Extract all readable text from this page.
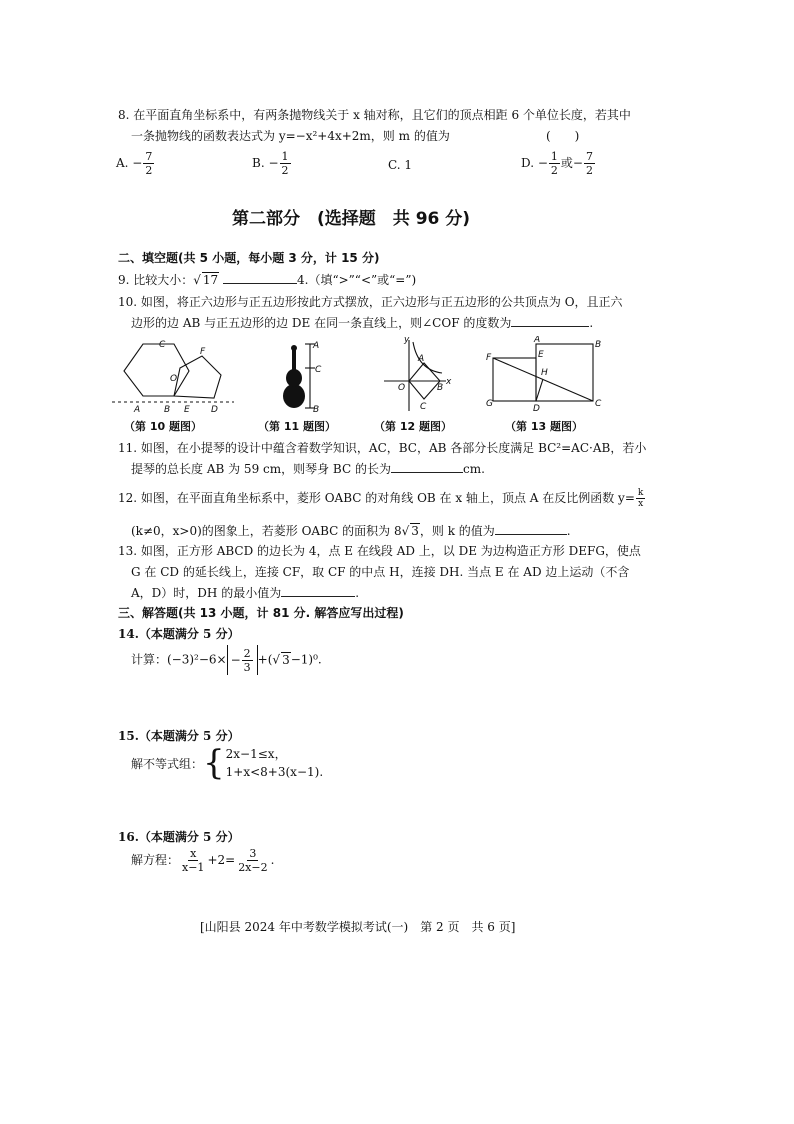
8. 在平面直角坐标系中，有两条抛物线关于 x 轴对称，且它们的顶点相距 6 个单位长度，若其中
一条抛物线的函数表达式为 y=−x²+4x+2m，则 m 的值为	(　　)
A. − $\frac{7}{2}$	B. − $\frac{1}{2}$	C. 1	D. − $\frac{1}{2}$ 或− $\frac{7}{2}$
第二部分　(选择题　共 96 分)
二、填空题(共 5 小题，每小题 3 分，计 15 分)
9. 比较大小：√ 17	4.（填“>”“<”或“=”)
10. 如图，将正六边形与正五边形按此方式摆放，正六边形与正五边形的公共顶点为 O，且正六
边形的边 AB 与正五边形的边 DE 在同一条直线上，则∠COF 的度数为	.
A	B
C
O
E D
F
A
C
B
y
A
O	B
x
C
F
A	B
E
H
G	D	C
（第 10 题图）	（第 11 题图）	（第 12 题图）	（第 13 题图）
11. 如图，在小提琴的设计中蕴含着数学知识，AC，BC，AB 各部分长度满足 BC²=AC·AB，若小
提琴的总长度 AB 为 59 cm，则琴身 BC 的长为	cm.
12. 如图，在平面直角坐标系中，菱形 OABC 的对角线 OB 在 x 轴上，顶点 A 在反比例函数 $y= \frac{k}{x}$
(k≠0，x>0)的图象上，若菱形 OABC 的面积为 8√ 3，则 k 的值为	.
13. 如图，正方形 ABCD 的边长为 4，点 E 在线段 AD 上，以 DE 为边构造正方形 DEFG，使点
G 在 CD 的延长线上，连接 CF，取 CF 的中点 H，连接 DH. 当点 E 在 AD 边上运动（不含
A，D）时，DH 的最小值为	.
三、解答题(共 13 小题，计 81 分. 解答应写出过程)
14.（本题满分 5 分）
计算：$(-3)^2-6\times - \frac{2}{3}$ +(√ 3−1)⁰.
15.（本题满分 5 分）
解不等式组： { 2x−1≤x，
1+x<8+3(x−1).
16.（本题满分 5 分）
解方程： $\frac{x}{x-1} +2= \frac{3}{2x-2}$ .
[山阳县 2024 年中考数学模拟考试(一)　第 2 页　共 6 页]
